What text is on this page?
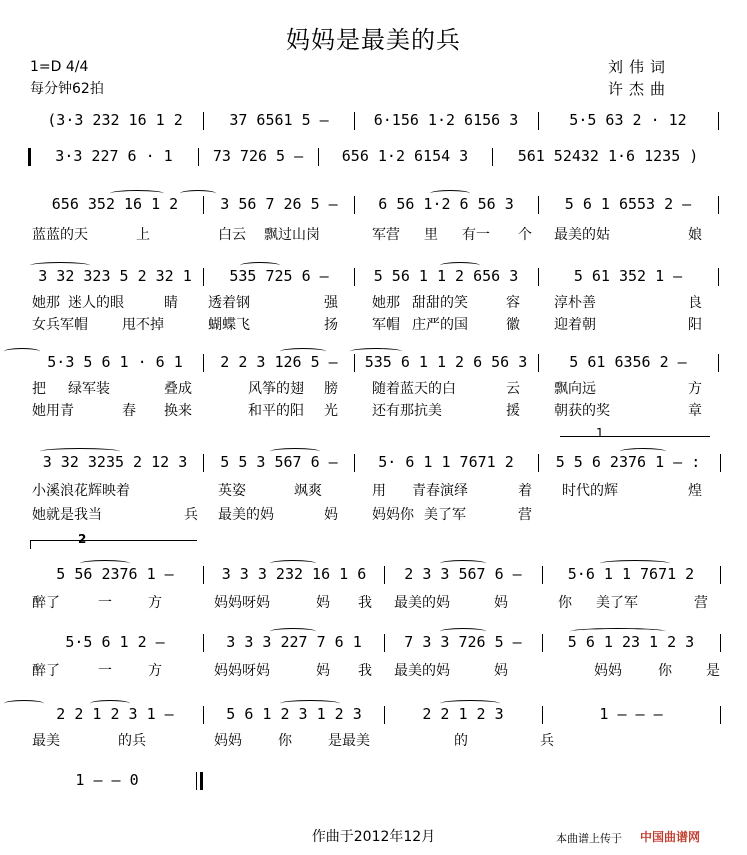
妈妈是最美的兵
1=D 4/4
每分钟62拍
刘伟词
许杰曲
(3·3 232 16 1 2	37 6561 5 –	6·156 1·2 6156 3	5·5 63 2 · 12
3·3 227 6 · 1	73 726 5 –	656 1·2 6154 3	561 52432 1·6 1235 )
656 352 16 1 2	3 56 7 26 5 –	6 56 1·2 6 56 3	5 6 1 6553 2 –
蓝蓝的天	上	白云 飘过山岗	军营 里 有一 个 最美的姑	娘
3 32 323 5 2 32 1	535 725 6 –	5 56 1 1 2 656 3	5 61 352 1 –
她那 迷人的眼	睛 透着钢	强 她那 甜甜的笑	容 淳朴善	良
女兵军帽 甩不掉	蝴蝶飞	扬 军帽 庄严的国	徽 迎着朝	阳
5·3 5 6 1 · 6 1	2 2 3 126 5 –	535 6 1 1 2 6 56 3	5 61 6356 2 –
把 绿军装	叠成	风筝的翅 膀 随着蓝天的白	云 飘向远	方
她用青	春 换来	和平的阳 光 还有那抗美	援 朝获的奖	章
1
3 32 3235 2 12 3	5 5 3 567 6 –	5· 6 1 1 7671 2	5 5 6 2376 1 – :
小溪浪花辉映着	英姿	飒爽	用 青春演绎	着 时代的辉	煌
她就是我当	兵 最美的妈	妈 妈妈你 美了军	营
2
5 56 2376 1 –	3 3 3 232 16 1 6	2 3 3 567 6 –	5·6 1 1 7671 2
醉了	一	方	妈妈呀妈	妈 我 最美的妈	妈	你 美了军	营
5·5 6 1 2 –	3 3 3 227 7 6 1	7 3 3 726 5 –	5 6 1 23 1 2 3
醉了	一	方	妈妈呀妈	妈 我 最美的妈	妈	妈妈	你 是
2 2 1 2 3 1 –	5 6 1 2 3 1 2 3	2 2 1 2 3	1 – – –
最美	的兵	妈妈	你	是最美	的	兵
1 – – 0
作曲于2012年12月	本曲谱上传于 中国曲谱网
